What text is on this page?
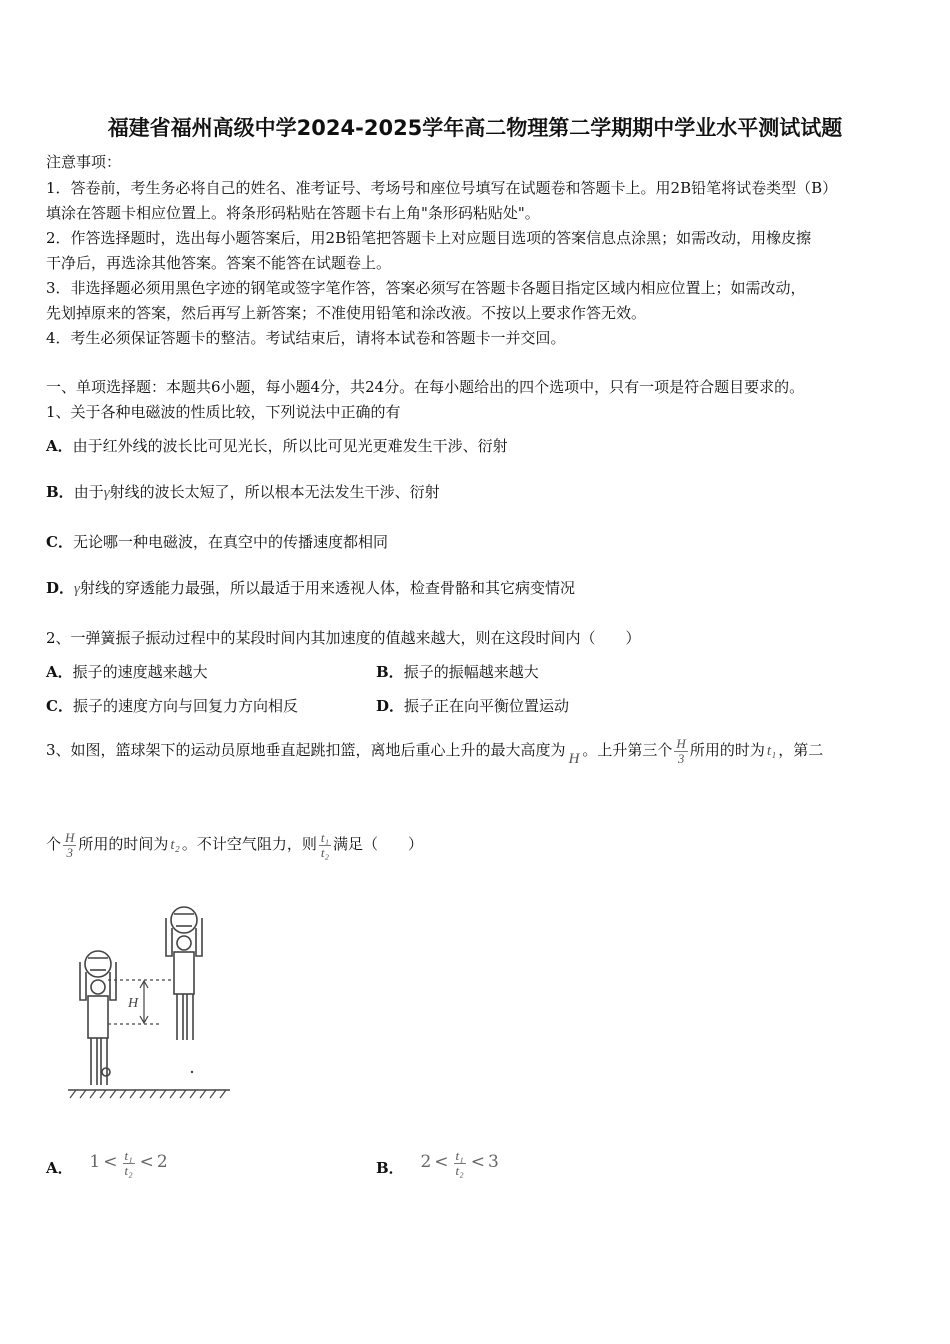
福建省福州高级中学2024-2025学年高二物理第二学期期中学业水平测试试题
注意事项：
1．答卷前，考生务必将自己的姓名、准考证号、考场号和座位号填写在试题卷和答题卡上。用2B铅笔将试卷类型（B）
填涂在答题卡相应位置上。将条形码粘贴在答题卡右上角"条形码粘贴处"。
2．作答选择题时，选出每小题答案后，用2B铅笔把答题卡上对应题目选项的答案信息点涂黑；如需改动，用橡皮擦
干净后，再选涂其他答案。答案不能答在试题卷上。
3．非选择题必须用黑色字迹的钢笔或签字笔作答，答案必须写在答题卡各题目指定区域内相应位置上；如需改动，
先划掉原来的答案，然后再写上新答案；不准使用铅笔和涂改液。不按以上要求作答无效。
4．考生必须保证答题卡的整洁。考试结束后，请将本试卷和答题卡一并交回。
一、单项选择题：本题共6小题，每小题4分，共24分。在每小题给出的四个选项中，只有一项是符合题目要求的。
1、关于各种电磁波的性质比较，下列说法中正确的有
A．由于红外线的波长比可见光长，所以比可见光更难发生干涉、衍射
B．由于γ射线的波长太短了，所以根本无法发生干涉、衍射
C．无论哪一种电磁波，在真空中的传播速度都相同
D．γ射线的穿透能力最强，所以最适于用来透视人体，检查骨骼和其它病变情况
2、一弹簧振子振动过程中的某段时间内其加速度的值越来越大，则在这段时间内（　　）
A．振子的速度越来越大	B．振子的振幅越来越大
C．振子的速度方向与回复力方向相反	D．振子正在向平衡位置运动
3、如图，篮球架下的运动员原地垂直起跳扣篮，离地后重心上升的最大高度为 H 。上升第三个 $\frac{H}{3}$ 所用的时为 t₁ ，第二
个 $\frac{H}{3}$ 所用的时间为 t₂ 。不计空气阻力，则 $\frac{\text{t₁}}{\text{t₂}}$ 满足（　　）
H
A． $1 < \frac{\text{t₁}}{\text{t₂}} < 2$	B． $2 < \frac{\text{t₁}}{\text{t₂}} < 3$
